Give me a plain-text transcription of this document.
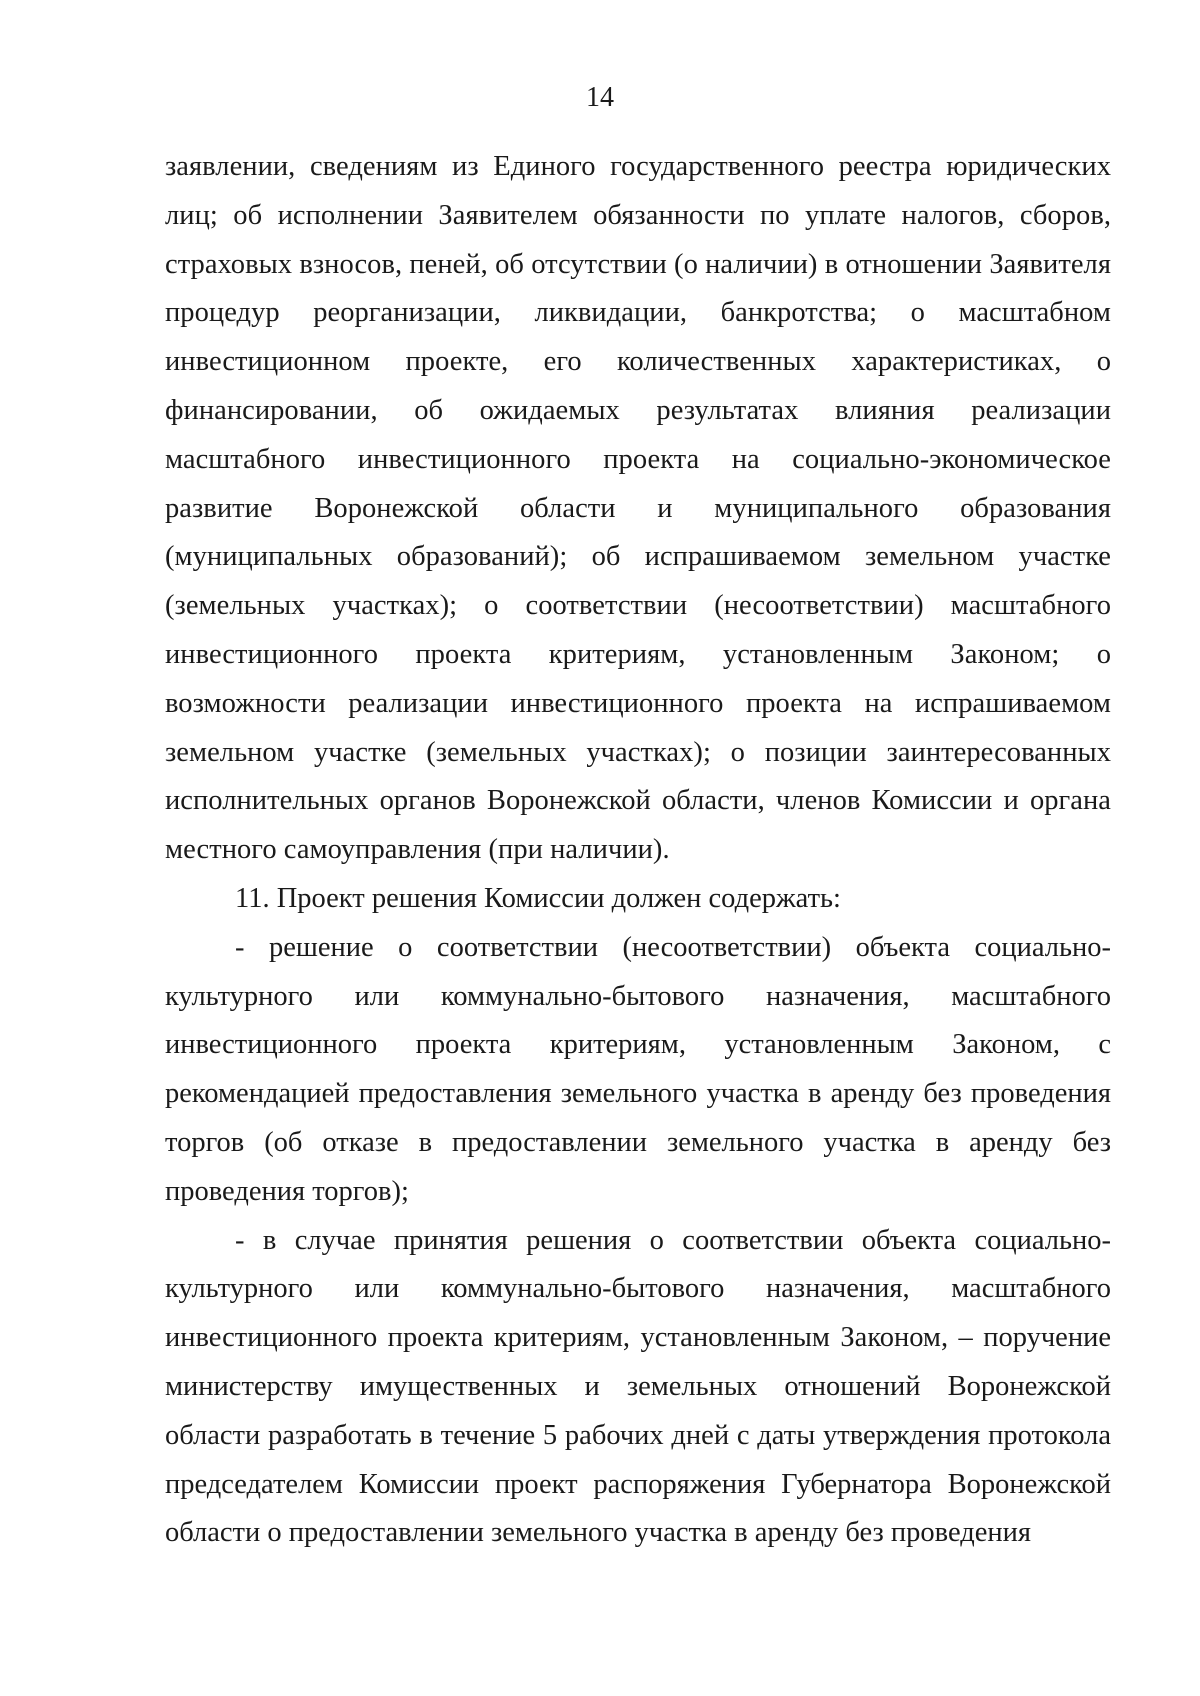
14

заявлении, сведениям из Единого государственного реестра юридических лиц; об исполнении Заявителем обязанности по уплате налогов, сборов, страховых взносов, пеней, об отсутствии (о наличии) в отношении Заявителя процедур реорганизации, ликвидации, банкротства; о масштабном инвестиционном проекте, его количественных характеристиках, о финансировании, об ожидаемых результатах влияния реализации масштабного инвестиционного проекта на социально-экономическое развитие Воронежской области и муниципального образования (муниципальных образований); об испрашиваемом земельном участке (земельных участках); о соответствии (несоответствии) масштабного инвестиционного проекта критериям, установленным Законом; о возможности реализации инвестиционного проекта на испрашиваемом земельном участке (земельных участках); о позиции заинтересованных исполнительных органов Воронежской области, членов Комиссии и органа местного самоуправления (при наличии).

11. Проект решения Комиссии должен содержать:

- решение о соответствии (несоответствии) объекта социально-культурного или коммунально-бытового назначения, масштабного инвестиционного проекта критериям, установленным Законом, с рекомендацией предоставления земельного участка в аренду без проведения торгов (об отказе в предоставлении земельного участка в аренду без проведения торгов);

- в случае принятия решения о соответствии объекта социально-культурного или коммунально-бытового назначения, масштабного инвестиционного проекта критериям, установленным Законом, – поручение министерству имущественных и земельных отношений Воронежской области разработать в течение 5 рабочих дней с даты утверждения протокола председателем Комиссии проект распоряжения Губернатора Воронежской области о предоставлении земельного участка в аренду без проведения
